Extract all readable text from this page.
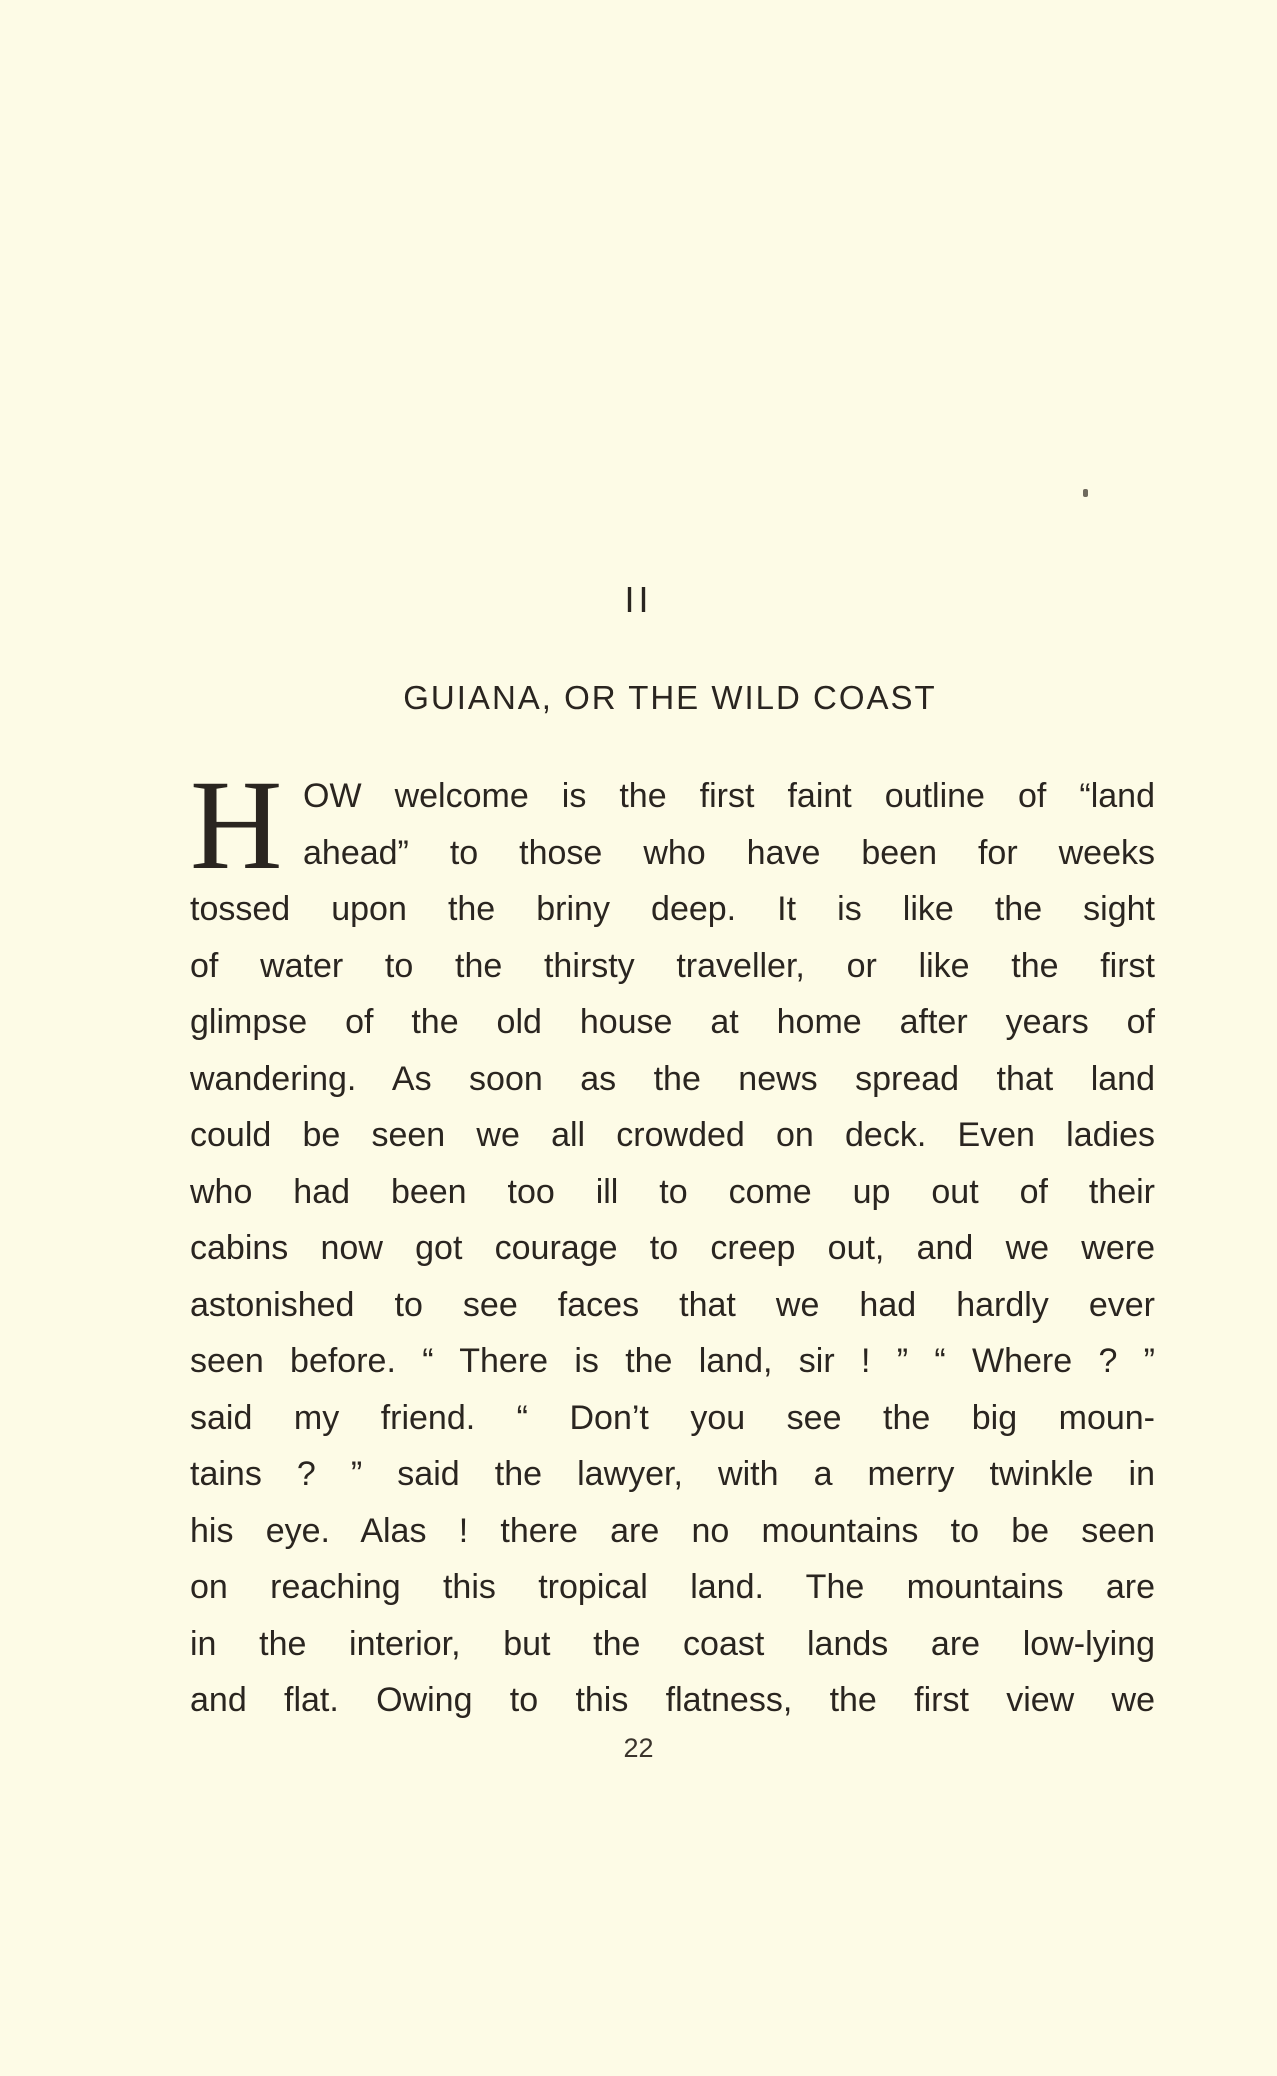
II
GUIANA, OR THE WILD COAST
H OW welcome is the first faint outline of “land
ahead” to those who have been for weeks
tossed upon the briny deep. It is like the sight
of water to the thirsty traveller, or like the first
glimpse of the old house at home after years of
wandering. As soon as the news spread that land
could be seen we all crowded on deck. Even ladies
who had been too ill to come up out of their
cabins now got courage to creep out, and we were
astonished to see faces that we had hardly ever
seen before. “ There is the land, sir ! ” “ Where ? ”
said my friend. “ Don’t you see the big moun-
tains ? ” said the lawyer, with a merry twinkle in
his eye. Alas ! there are no mountains to be seen
on reaching this tropical land. The mountains are
in the interior, but the coast lands are low-lying
and flat. Owing to this flatness, the first view we
22
